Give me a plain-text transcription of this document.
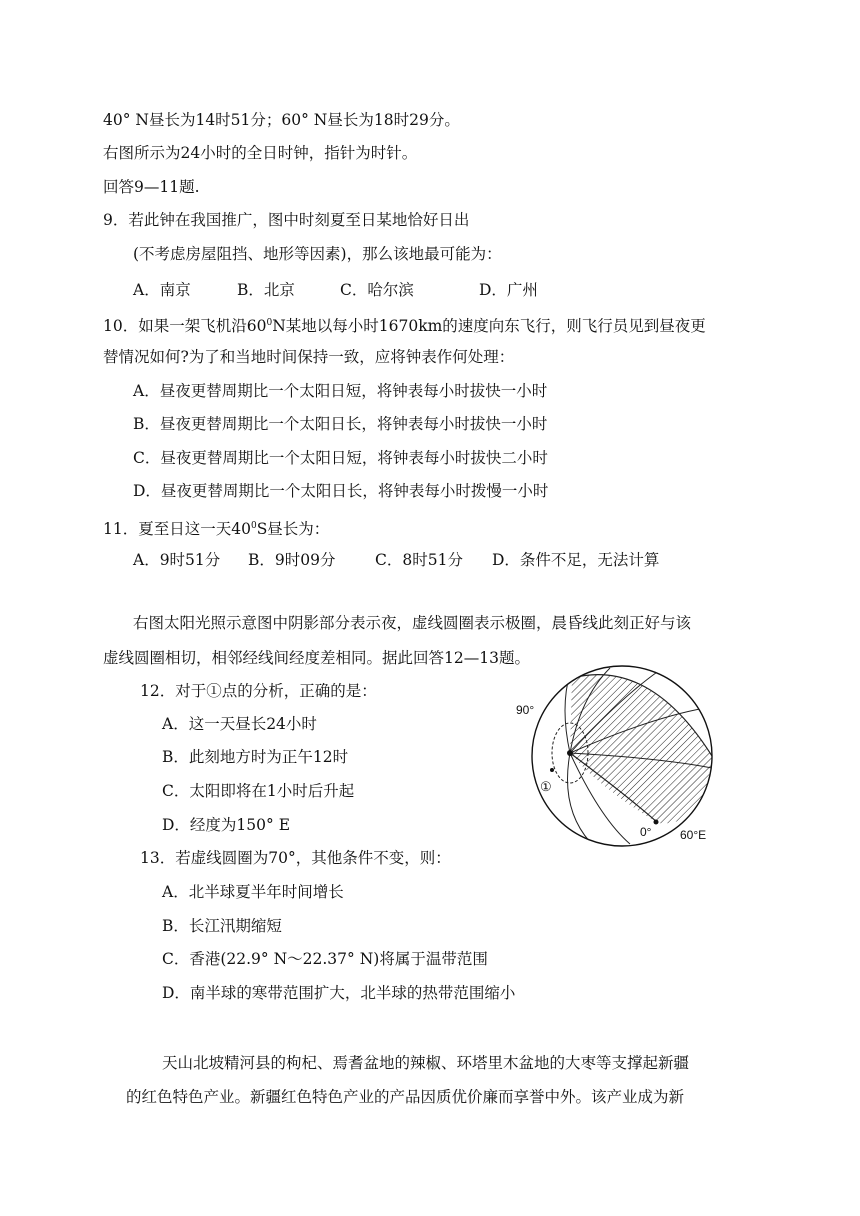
40° N昼长为14时51分；60° N昼长为18时29分。
右图所示为24小时的全日时钟，指针为时针。
回答9—11题.
9．若此钟在我国推广，图中时刻夏至日某地恰好日出
(不考虑房屋阻挡、地形等因素)，那么该地最可能为：
A．南京	B．北京	C．哈尔滨	D．广州
10．如果一架飞机沿$60^0N$某地以每小时1670km的速度向东飞行，则飞行员见到昼夜更
替情况如何?为了和当地时间保持一致，应将钟表作何处理：
A．昼夜更替周期比一个太阳日短，将钟表每小时拔快一小时
B．昼夜更替周期比一个太阳日长，将钟表每小时拔快一小时
C．昼夜更替周期比一个太阳日短，将钟表每小时拔快二小时
D．昼夜更替周期比一个太阳日长，将钟表每小时拨慢一小时
11．夏至日这一天$40^0S$昼长为：
A．9时51分 B．9时09分	C．8时51分 D．条件不足，无法计算
右图太阳光照示意图中阴影部分表示夜，虚线圆圈表示极圈，晨昏线此刻正好与该
虚线圆圈相切，相邻经线间经度差相同。据此回答12—13题。
12．对于①点的分析，正确的是：
A．这一天昼长24小时
B．此刻地方时为正午12时
C．太阳即将在1小时后升起
D．经度为150° E
13．若虚线圆圈为70°，其他条件不变，则：
A．北半球夏半年时间增长
B．长江汛期缩短
C．香港(22.9° N～22.37° N)将属于温带范围
D．南半球的寒带范围扩大，北半球的热带范围缩小
90°
①
0° 60°E
天山北坡精河县的枸杞、焉耆盆地的辣椒、环塔里木盆地的大枣等支撑起新疆
的红色特色产业。新疆红色特色产业的产品因质优价廉而享誉中外。该产业成为新
